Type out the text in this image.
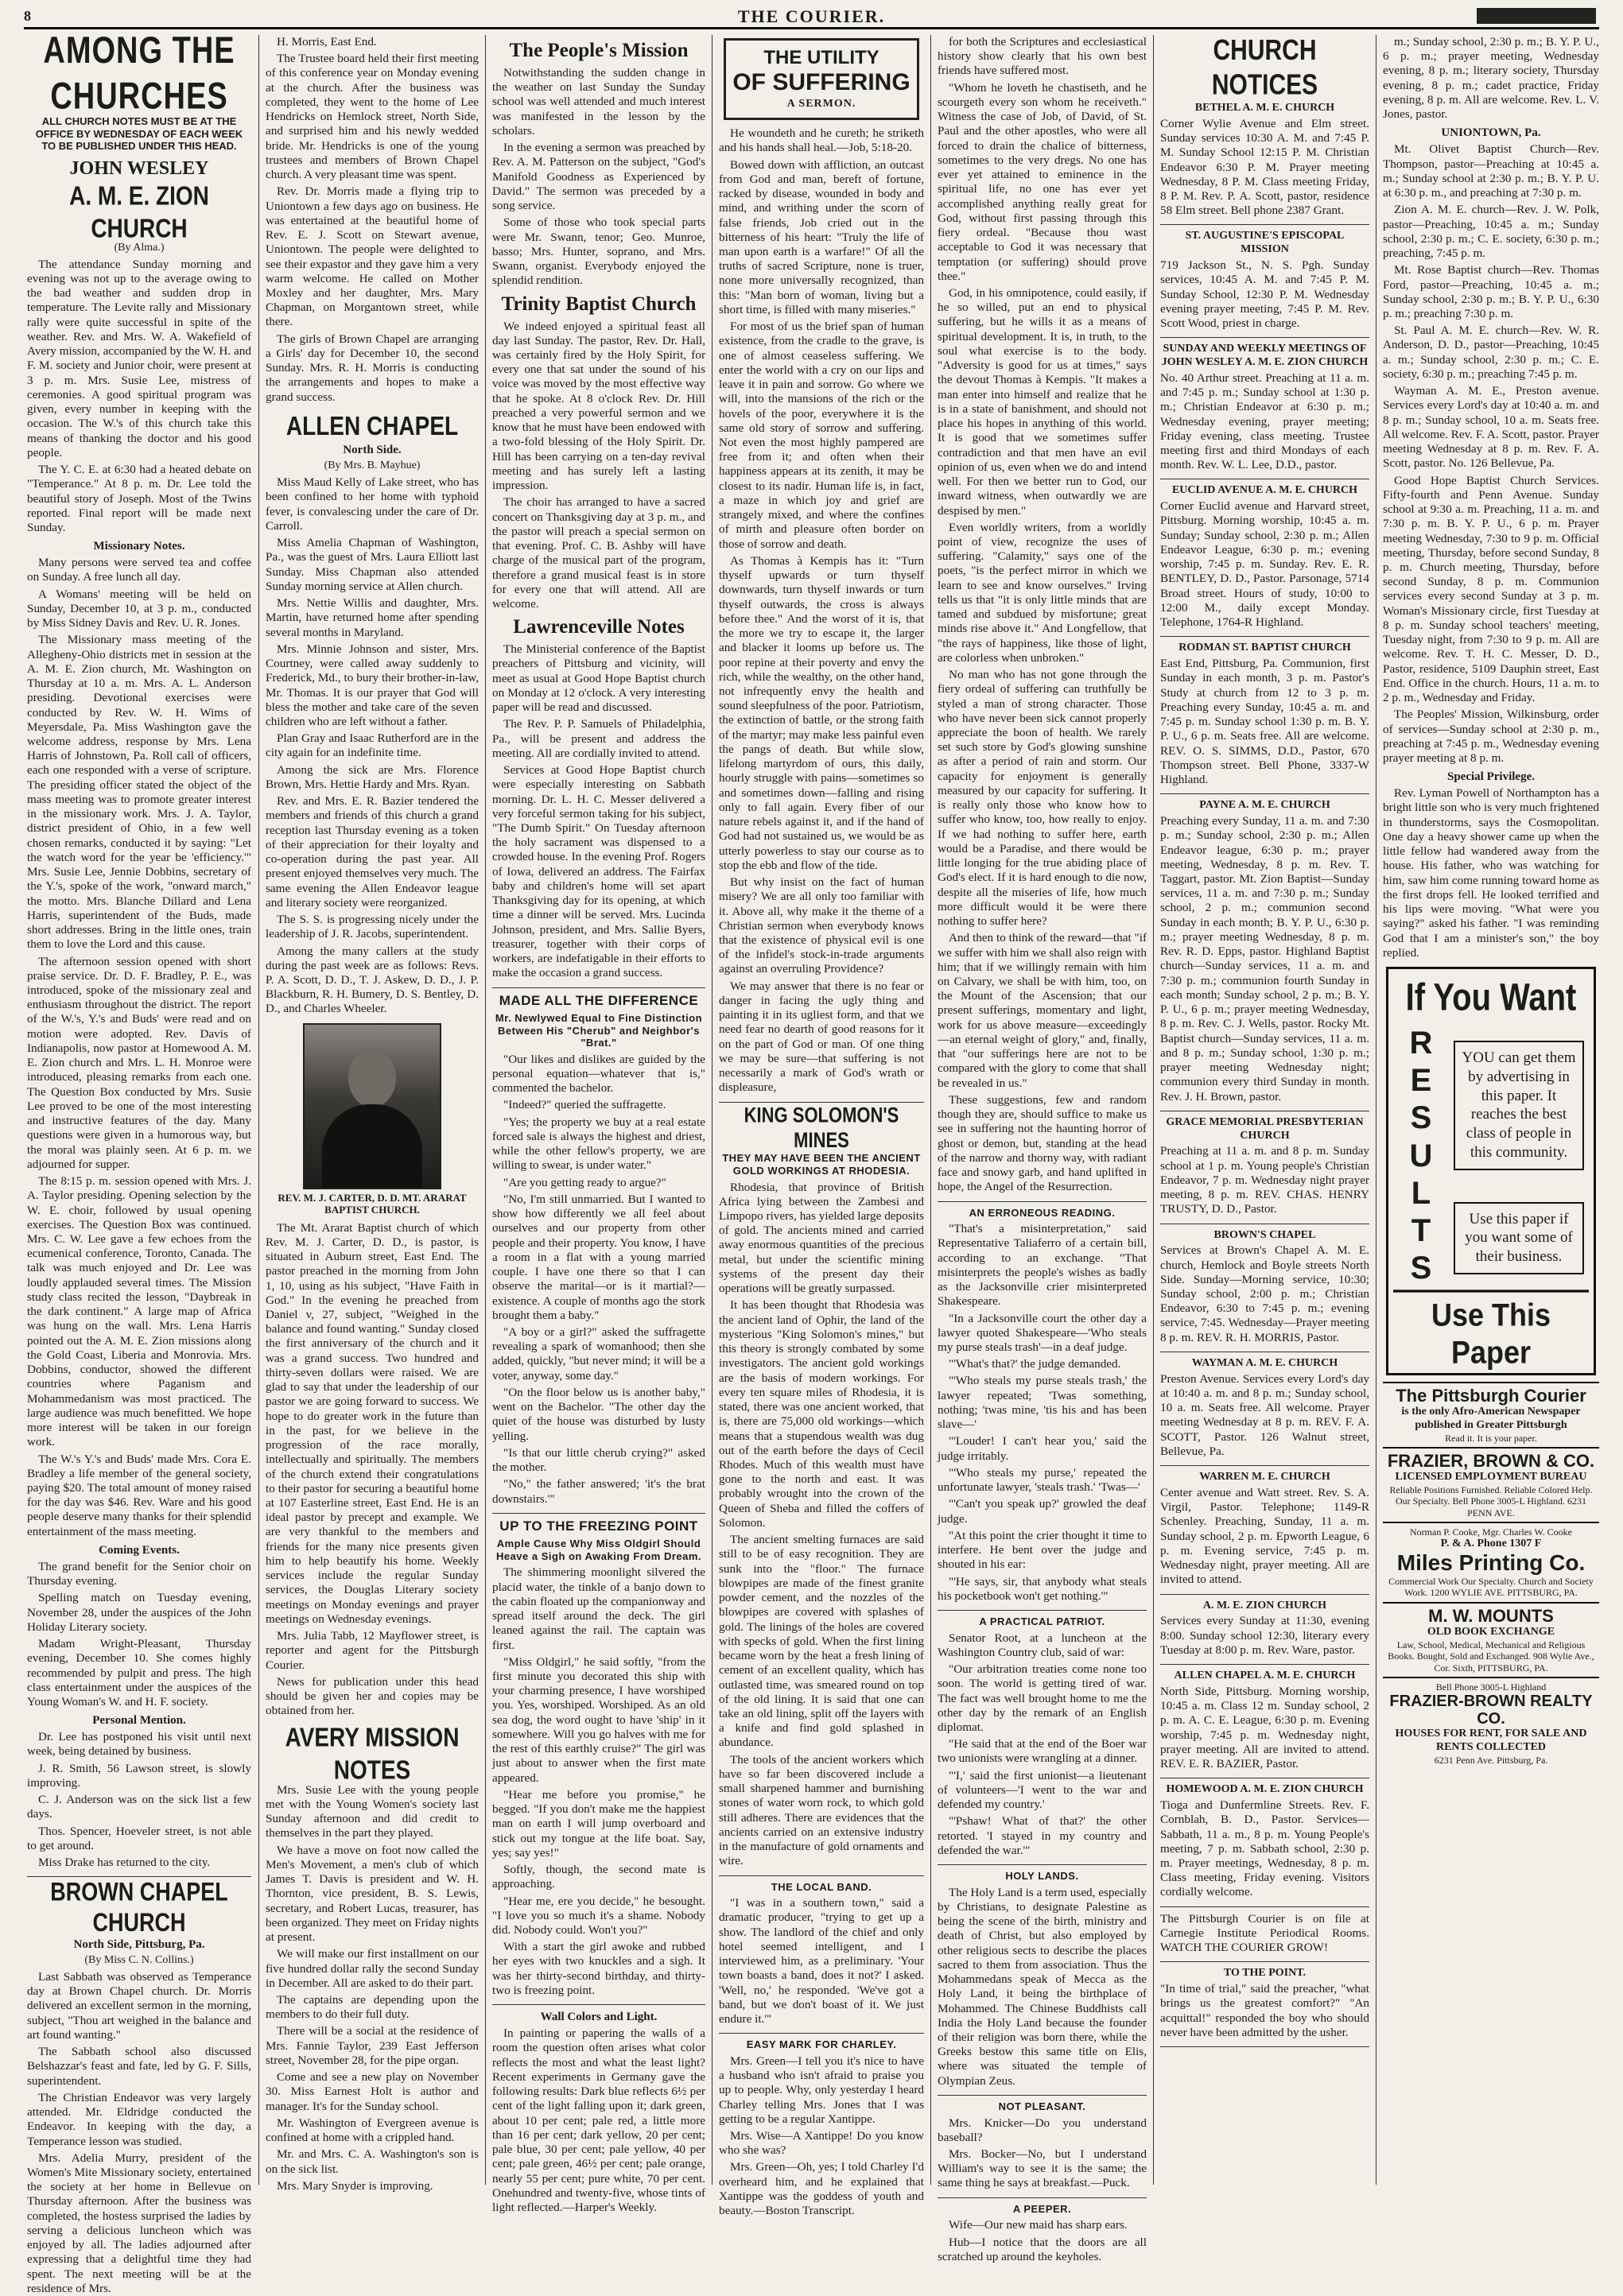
8	THE COURIER.
AMONG THE CHURCHES
ALL CHURCH NOTES MUST BE AT THE OFFICE BY WEDNESDAY OF EACH WEEK TO BE PUBLISHED UNDER THIS HEAD.
JOHN WESLEY
A. M. E. ZION CHURCH
(By Alma.)

The attendance Sunday morning and evening was not up to the average owing to the bad weather and sudden drop in temperature. The Levite rally and Missionary rally were quite successful in spite of the weather. Rev. and Mrs. W. A. Wakefield of Avery mission, accompanied by the W. H. and F. M. society and Junior choir, were present at 3 p. m. Mrs. Susie Lee, mistress of ceremonies. A good spiritual program was given, every number in keeping with the occasion. The W.'s of this church take this means of thanking the doctor and his good people.

The Y. C. E. at 6:30 had a heated debate on "Temperance." At 8 p. m. Dr. Lee told the beautiful story of Joseph. Most of the Twins reported. Final report will be made next Sunday.

Missionary Notes.

Many persons were served tea and coffee on Sunday. A free lunch all day.

A Womans' meeting will be held on Sunday, December 10, at 3 p. m., conducted by Miss Sidney Davis and Rev. U. R. Jones.

The Missionary mass meeting of the Allegheny-Ohio districts met in session at the A. M. E. Zion church, Mt. Washington on Thursday at 10 a. m. Mrs. A. L. Anderson presiding. Devotional exercises were conducted by Rev. W. H. Wims of Meyersdale, Pa. Miss Washington gave the welcome address, response by Mrs. Lena Harris of Johnstown, Pa. Roll call of officers, each one responded with a verse of scripture. The presiding officer stated the object of the mass meeting was to promote greater interest in the missionary work. Mrs. J. A. Taylor, district president of Ohio, in a few well chosen remarks, conducted it by saying: "Let the watch word for the year be 'efficiency.'" Mrs. Susie Lee, Jennie Dobbins, secretary of the Y.'s, spoke of the work, "onward march," the motto. Mrs. Blanche Dillard and Lena Harris, superintendent of the Buds, made short addresses. Bring in the little ones, train them to love the Lord and this cause.

The afternoon session opened with short praise service. Dr. D. F. Bradley, P. E., was introduced, spoke of the missionary zeal and enthusiasm throughout the district. The report of the W.'s, Y.'s and Buds' were read and on motion were adopted. Rev. Davis of Indianapolis, now pastor at Homewood A. M. E. Zion church and Mrs. L. H. Monroe were introduced, pleasing remarks from each one. The Question Box conducted by Mrs. Susie Lee proved to be one of the most interesting and instructive features of the day. Many questions were given in a humorous way, but the moral was plainly seen. At 6 p. m. we adjourned for supper.

The 8:15 p. m. session opened with Mrs. J. A. Taylor presiding. Opening selection by the W. E. choir, followed by usual opening exercises. The Question Box was continued. Mrs. C. W. Lee gave a few echoes from the ecumenical conference, Toronto, Canada. The talk was much enjoyed and Dr. Lee was loudly applauded several times. The Mission study class recited the lesson, "Daybreak in the dark continent." A large map of Africa was hung on the wall. Mrs. Lena Harris pointed out the A. M. E. Zion missions along the Gold Coast, Liberia and Monrovia. Mrs. Dobbins, conductor, showed the different countries where Paganism and Mohammedanism was most practiced. The large audience was much benefitted. We hope more interest will be taken in our foreign work.

The W.'s Y.'s and Buds' made Mrs. Cora E. Bradley a life member of the general society, paying $20. The total amount of money raised for the day was $46. Rev. Ware and his good people deserve many thanks for their splendid entertainment of the mass meeting.

Coming Events.

The grand benefit for the Senior choir on Thursday evening.

Spelling match on Tuesday evening, November 28, under the auspices of the John Holiday Literary society.

Madam Wright-Pleasant, Thursday evening, December 10. She comes highly recommended by pulpit and press. The high class entertainment under the auspices of the Young Woman's W. and H. F. society.

Personal Mention.

Dr. Lee has postponed his visit until next week, being detained by business.

J. R. Smith, 56 Lawson street, is slowly improving.

C. J. Anderson was on the sick list a few days.

Thos. Spencer, Hoeveler street, is not able to get around.

Miss Drake has returned to the city.

BROWN CHAPEL CHURCH
North Side, Pittsburg, Pa.
(By Miss C. N. Collins.)

Last Sabbath was observed as Temperance day at Brown Chapel church. Dr. Morris delivered an excellent sermon in the morning, subject, "Thou art weighed in the balance and art found wanting."

The Sabbath school also discussed Belshazzar's feast and fate, led by G. F. Sills, superintendent.

The Christian Endeavor was very largely attended. Mr. Eldridge conducted the Endeavor. In keeping with the day, a Temperance lesson was studied.

Mrs. Adelia Murry, president of the Women's Mite Missionary society, entertained the society at her home in Bellevue on Thursday afternoon. After the business was completed, the hostess surprised the ladies by serving a delicious luncheon which was enjoyed by all. The ladies adjourned after expressing that a delightful time they had spent. The next meeting will be at the residence of Mrs.

H. Morris, East End.

The Trustee board held their first meeting of this conference year on Monday evening at the church. After the business was completed, they went to the home of Lee Hendricks on Hemlock street, North Side, and surprised him and his newly wedded bride. Mr. Hendricks is one of the young trustees and members of Brown Chapel church. A very pleasant time was spent.

Rev. Dr. Morris made a flying trip to Uniontown a few days ago on business. He was entertained at the beautiful home of Rev. E. J. Scott on Stewart avenue, Uniontown. The people were delighted to see their expastor and they gave him a very warm welcome. He called on Mother Moxley and her daughter, Mrs. Mary Chapman, on Morgantown street, while there.

The girls of Brown Chapel are arranging a Girls' day for December 10, the second Sunday. Mrs. R. H. Morris is conducting the arrangements and hopes to make a grand success.

ALLEN CHAPEL
North Side.
(By Mrs. B. Mayhue)

Miss Maud Kelly of Lake street, who has been confined to her home with typhoid fever, is convalescing under the care of Dr. Carroll.

Miss Amelia Chapman of Washington, Pa., was the guest of Mrs. Laura Elliott last Sunday. Miss Chapman also attended Sunday morning service at Allen church.

Mrs. Nettie Willis and daughter, Mrs. Martin, have returned home after spending several months in Maryland.

Mrs. Minnie Johnson and sister, Mrs. Courtney, were called away suddenly to Frederick, Md., to bury their brother-in-law, Mr. Thomas. It is our prayer that God will bless the mother and take care of the seven children who are left without a father.

Plan Gray and Isaac Rutherford are in the city again for an indefinite time.

Among the sick are Mrs. Florence Brown, Mrs. Hettie Hardy and Mrs. Ryan.

Rev. and Mrs. E. R. Bazier tendered the members and friends of this church a grand reception last Thursday evening as a token of their appreciation for their loyalty and co-operation during the past year. All present enjoyed themselves very much. The same evening the Allen Endeavor league and literary society were reorganized.

The S. S. is progressing nicely under the leadership of J. R. Jacobs, superintendent.

Among the many callers at the study during the past week are as follows: Revs. P. A. Scott, D. D., T. J. Askew, D. D., J. P. Blackburn, R. H. Bumery, D. S. Bentley, D. D., and Charles Wheeler.

REV. M. J. CARTER, D. D. MT. ARARAT BAPTIST CHURCH.

The Mt. Ararat Baptist church of which Rev. M. J. Carter, D. D., is pastor, is situated in Auburn street, East End. The pastor preached in the morning from John 1, 10, using as his subject, "Have Faith in God." In the evening he preached from Daniel v, 27, subject, "Weighed in the balance and found wanting." Sunday closed the first anniversary of the church and it was a grand success. Two hundred and thirty-seven dollars were raised. We are glad to say that under the leadership of our pastor we are going forward to success. We hope to do greater work in the future than in the past, for we believe in the progression of the race morally, intellectually and spiritually. The members of the church extend their congratulations to their pastor for securing a beautiful home at 107 Easterline street, East End. He is an ideal pastor by precept and example. We are very thankful to the members and friends for the many nice presents given him to help beautify his home. Weekly services include the regular Sunday services, the Douglas Literary society meetings on Monday evenings and prayer meetings on Wednesday evenings.

Mrs. Julia Tabb, 12 Mayflower street, is reporter and agent for the Pittsburgh Courier.

News for publication under this head should be given her and copies may be obtained from her.

AVERY MISSION NOTES

Mrs. Susie Lee with the young people met with the Young Women's society last Sunday afternoon and did credit to themselves in the part they played.

We have a move on foot now called the Men's Movement, a men's club of which James T. Davis is president and W. H. Thornton, vice president, B. S. Lewis, secretary, and Robert Lucas, treasurer, has been organized. They meet on Friday nights at present.

We will make our first installment on our five hundred dollar rally the second Sunday in December. All are asked to do their part.

The captains are depending upon the members to do their full duty.

There will be a social at the residence of Mrs. Fannie Taylor, 239 East Jefferson street, November 28, for the pipe organ.

Come and see a new play on November 30. Miss Earnest Holt is author and manager. It's for the Sunday school.

Mr. Washington of Evergreen avenue is confined at home with a crippled hand.

Mr. and Mrs. C. A. Washington's son is on the sick list.

Mrs. Mary Snyder is improving.

The People's Mission

Notwithstanding the sudden change in the weather on last Sunday the Sunday school was well attended and much interest was manifested in the lesson by the scholars.

In the evening a sermon was preached by Rev. A. M. Patterson on the subject, "God's Manifold Goodness as Experienced by David." The sermon was preceded by a song service.

Some of those who took special parts were Mr. Swann, tenor; Geo. Munroe, basso; Mrs. Hunter, soprano, and Mrs. Swann, organist. Everybody enjoyed the splendid rendition.

Trinity Baptist Church

We indeed enjoyed a spiritual feast all day last Sunday. The pastor, Rev. Dr. Hall, was certainly fired by the Holy Spirit, for every one that sat under the sound of his voice was moved by the most effective way that he spoke. At 8 o'clock Rev. Dr. Hill preached a very powerful sermon and we know that he must have been endowed with a two-fold blessing of the Holy Spirit. Dr. Hill has been carrying on a ten-day revival meeting and has surely left a lasting impression.

The choir has arranged to have a sacred concert on Thanksgiving day at 3 p. m., and the pastor will preach a special sermon on that evening. Prof. C. B. Ashby will have charge of the musical part of the program, therefore a grand musical feast is in store for every one that will attend. All are welcome.

Lawrenceville Notes

The Ministerial conference of the Baptist preachers of Pittsburg and vicinity, will meet as usual at Good Hope Baptist church on Monday at 12 o'clock. A very interesting paper will be read and discussed.

The Rev. P. P. Samuels of Philadelphia, Pa., will be present and address the meeting. All are cordially invited to attend.

Services at Good Hope Baptist church were especially interesting on Sabbath morning. Dr. L. H. C. Messer delivered a very forceful sermon taking for his subject, "The Dumb Spirit." On Tuesday afternoon the holy sacrament was dispensed to a crowded house. In the evening Prof. Rogers of Iowa, delivered an address. The Fairfax baby and children's home will set apart Thanksgiving day for its opening, at which time a dinner will be served. Mrs. Lucinda Johnson, president, and Mrs. Sallie Byers, treasurer, together with their corps of workers, are indefatigable in their efforts to make the occasion a grand success.

MADE ALL THE DIFFERENCE
Mr. Newlywed Equal to Fine Distinction Between His "Cherub" and Neighbor's "Brat."

"Our likes and dislikes are guided by the personal equation—whatever that is," commented the bachelor.

"Indeed?" queried the suffragette.

"Yes; the property we buy at a real estate forced sale is always the highest and driest, while the other fellow's property, we are willing to swear, is under water."

"Are you getting ready to argue?"

"No, I'm still unmarried. But I wanted to show how differently we all feel about ourselves and our property from other people and their property. You know, I have a room in a flat with a young married couple. I have one there so that I can observe the marital—or is it martial?—existence. A couple of months ago the stork brought them a baby."

"A boy or a girl?" asked the suffragette revealing a spark of womanhood; then she added, quickly, "but never mind; it will be a voter, anyway, some day."

"On the floor below us is another baby," went on the Bachelor. "The other day the quiet of the house was disturbed by lusty yelling.

"Is that our little cherub crying?" asked the mother.

"No," the father answered; 'it's the brat downstairs.'"

UP TO THE FREEZING POINT
Ample Cause Why Miss Oldgirl Should Heave a Sigh on Awaking From Dream.

The shimmering moonlight silvered the placid water, the tinkle of a banjo down to the cabin floated up the companionway and spread itself around the deck. The girl leaned against the rail. The captain was first.

"Miss Oldgirl," he said softly, "from the first minute you decorated this ship with your charming presence, I have worshiped you. Yes, worshiped. Worshiped. As an old sea dog, the word ought to have 'ship' in it somewhere. Will you go halves with me for the rest of this earthly cruise?" The girl was just about to answer when the first mate appeared.

"Hear me before you promise," he begged. "If you don't make me the happiest man on earth I will jump overboard and stick out my tongue at the life boat. Say, yes; say yes!"

Softly, though, the second mate is approaching.

"Hear me, ere you decide," he besought. "I love you so much it's a shame. Nobody did. Nobody could. Won't you?"

With a start the girl awoke and rubbed her eyes with two knuckles and a sigh. It was her thirty-second birthday, and thirty-two is freezing point.

Wall Colors and Light.

In painting or papering the walls of a room the question often arises what color reflects the most and what the least light? Recent experiments in Germany gave the following results: Dark blue reflects 6½ per cent of the light falling upon it; dark green, about 10 per cent; pale red, a little more than 16 per cent; dark yellow, 20 per cent; pale blue, 30 per cent; pale yellow, 40 per cent; pale green, 46½ per cent; pale orange, nearly 55 per cent; pure white, 70 per cent. Onehundred and twenty-five, whose tints of light reflected.—Harper's Weekly.

THE UTILITY
OF SUFFERING
A SERMON.

He woundeth and he cureth; he striketh and his hands shall heal.—Job, 5:18-20.

Bowed down with affliction, an outcast from God and man, bereft of fortune, racked by disease, wounded in body and mind, and writhing under the scorn of false friends, Job cried out in the bitterness of his heart: "Truly the life of man upon earth is a warfare!" Of all the truths of sacred Scripture, none is truer, none more universally recognized, than this: "Man born of woman, living but a short time, is filled with many miseries."

For most of us the brief span of human existence, from the cradle to the grave, is one of almost ceaseless suffering. We enter the world with a cry on our lips and leave it in pain and sorrow. Go where we will, into the mansions of the rich or the hovels of the poor, everywhere it is the same old story of sorrow and suffering. Not even the most highly pampered are free from it; and often when their happiness appears at its zenith, it may be closest to its nadir. Human life is, in fact, a maze in which joy and grief are strangely mixed, and where the confines of mirth and pleasure often border on those of sorrow and death.

As Thomas à Kempis has it: "Turn thyself upwards or turn thyself downwards, turn thyself inwards or turn thyself outwards, the cross is always before thee." And the worst of it is, that the more we try to escape it, the larger and blacker it looms up before us. The poor repine at their poverty and envy the rich, while the wealthy, on the other hand, not infrequently envy the health and sound sleepfulness of the poor. Patriotism, the extinction of battle, or the strong faith of the martyr; may make less painful even the pangs of death. But while slow, lifelong martyrdom of ours, this daily, hourly struggle with pains—sometimes so and sometimes down—falling and rising only to fall again. Every fiber of our nature rebels against it, and if the hand of God had not sustained us, we would be as utterly powerless to stay our course as to stop the ebb and flow of the tide.

But why insist on the fact of human misery? We are all only too familiar with it. Above all, why make it the theme of a Christian sermon when everybody knows that the existence of physical evil is one of the infidel's stock-in-trade arguments against an overruling Providence?

We may answer that there is no fear or danger in facing the ugly thing and painting it in its ugliest form, and that we need fear no dearth of good reasons for it on the part of God or man. Of one thing we may be sure—that suffering is not necessarily a mark of God's wrath or displeasure,

KING SOLOMON'S MINES
THEY MAY HAVE BEEN THE ANCIENT GOLD WORKINGS AT RHODESIA.

Rhodesia, that province of British Africa lying between the Zambesi and Limpopo rivers, has yielded large deposits of gold. The ancients mined and carried away enormous quantities of the precious metal, but under the scientific mining systems of the present day their operations will be greatly surpassed.

It has been thought that Rhodesia was the ancient land of Ophir, the land of the mysterious "King Solomon's mines," but this theory is strongly combated by some investigators. The ancient gold workings are the basis of modern workings. For every ten square miles of Rhodesia, it is stated, there was one ancient worked, that is, there are 75,000 old workings—which means that a stupendous wealth was dug out of the earth before the days of Cecil Rhodes. Much of this wealth must have gone to the north and east. It was probably wrought into the crown of the Queen of Sheba and filled the coffers of Solomon.

The ancient smelting furnaces are said still to be of easy recognition. They are sunk into the "floor." The furnace blowpipes are made of the finest granite powder cement, and the nozzles of the blowpipes are covered with splashes of gold. The linings of the holes are covered with specks of gold. When the first lining became worn by the heat a fresh lining of cement of an excellent quality, which has outlasted time, was smeared round on top of the old lining. It is said that one can take an old lining, split off the layers with a knife and find gold splashed in abundance.

The tools of the ancient workers which have so far been discovered include a small sharpened hammer and burnishing stones of water worn rock, to which gold still adheres. There are evidences that the ancients carried on an extensive industry in the manufacture of gold ornaments and wire.

THE LOCAL BAND.

"I was in a southern town," said a dramatic producer, "trying to get up a show. The landlord of the chief and only hotel seemed intelligent, and I interviewed him, as a preliminary. 'Your town boasts a band, does it not?' I asked. 'Well, no,' he responded. 'We've got a band, but we don't boast of it. We just endure it.'"

EASY MARK FOR CHARLEY.

Mrs. Green—I tell you it's nice to have a husband who isn't afraid to praise you up to people. Why, only yesterday I heard Charley telling Mrs. Jones that I was getting to be a regular Xantippe.

Mrs. Wise—A Xantippe! Do you know who she was?

Mrs. Green—Oh, yes; I told Charley I'd overheard him, and he explained that Xantippe was the goddess of youth and beauty.—Boston Transcript.

for both the Scriptures and ecclesiastical history show clearly that his own best friends have suffered most.

"Whom he loveth he chastiseth, and he scourgeth every son whom he receiveth." Witness the case of Job, of David, of St. Paul and the other apostles, who were all forced to drain the chalice of bitterness, sometimes to the very dregs. No one has ever yet attained to eminence in the spiritual life, no one has ever yet accomplished anything really great for God, without first passing through this fiery ordeal. "Because thou wast acceptable to God it was necessary that temptation (or suffering) should prove thee."

God, in his omnipotence, could easily, if he so willed, put an end to physical suffering, but he wills it as a means of spiritual development. It is, in truth, to the soul what exercise is to the body. "Adversity is good for us at times," says the devout Thomas à Kempis. "It makes a man enter into himself and realize that he is in a state of banishment, and should not place his hopes in anything of this world. It is good that we sometimes suffer contradiction and that men have an evil opinion of us, even when we do and intend well. For then we better run to God, our inward witness, when outwardly we are despised by men."

Even worldly writers, from a worldly point of view, recognize the uses of suffering. "Calamity," says one of the poets, "is the perfect mirror in which we learn to see and know ourselves." Irving tells us that "it is only little minds that are tamed and subdued by misfortune; great minds rise above it." And Longfellow, that "the rays of happiness, like those of light, are colorless when unbroken."

No man who has not gone through the fiery ordeal of suffering can truthfully be styled a man of strong character. Those who have never been sick cannot properly appreciate the boon of health. We rarely set such store by God's glowing sunshine as after a period of rain and storm. Our capacity for enjoyment is generally measured by our capacity for suffering. It is really only those who know how to suffer who know, too, how really to enjoy. If we had nothing to suffer here, earth would be a Paradise, and there would be little longing for the true abiding place of God's elect. If it is hard enough to die now, despite all the miseries of life, how much more difficult would it be were there nothing to suffer here?

And then to think of the reward—that "if we suffer with him we shall also reign with him; that if we willingly remain with him on Calvary, we shall be with him, too, on the Mount of the Ascension; that our present sufferings, momentary and light, work for us above measure—exceedingly—an eternal weight of glory," and, finally, that "our sufferings here are not to be compared with the glory to come that shall be revealed in us."

These suggestions, few and random though they are, should suffice to make us see in suffering not the haunting horror of ghost or demon, but, standing at the head of the narrow and thorny way, with radiant face and snowy garb, and hand uplifted in hope, the Angel of the Resurrection.

AN ERRONEOUS READING.

"That's a misinterpretation," said Representative Taliaferro of a certain bill, according to an exchange. "That misinterprets the people's wishes as badly as the Jacksonville crier misinterpreted Shakespeare.

"In a Jacksonville court the other day a lawyer quoted Shakespeare—'Who steals my purse steals trash'—in a deaf judge.

"'What's that?' the judge demanded.

"'Who steals my purse steals trash,' the lawyer repeated; 'Twas something, nothing; 'twas mine, 'tis his and has been slave—'

"'Louder! I can't hear you,' said the judge irritably.

"'Who steals my purse,' repeated the unfortunate lawyer, 'steals trash.' 'Twas—'

"'Can't you speak up?' growled the deaf judge.

"At this point the crier thought it time to interfere. He bent over the judge and shouted in his ear:

"'He says, sir, that anybody what steals his pocketbook won't get nothing.'"

A PRACTICAL PATRIOT.

Senator Root, at a luncheon at the Washington Country club, said of war:

"Our arbitration treaties come none too soon. The world is getting tired of war. The fact was well brought home to me the other day by the remark of an English diplomat.

"He said that at the end of the Boer war two unionists were wrangling at a dinner.

"'I,' said the first unionist—a lieutenant of volunteers—'I went to the war and defended my country.'

"'Pshaw! What of that?' the other retorted. 'I stayed in my country and defended the war.'"

HOLY LANDS.

The Holy Land is a term used, especially by Christians, to designate Palestine as being the scene of the birth, ministry and death of Christ, but also employed by other religious sects to describe the places sacred to them from association. Thus the Mohammedans speak of Mecca as the Holy Land, it being the birthplace of Mohammed. The Chinese Buddhists call India the Holy Land because the founder of their religion was born there, while the Greeks bestow this same title on Elis, where was situated the temple of Olympian Zeus.

NOT PLEASANT.

Mrs. Knicker—Do you understand baseball?

Mrs. Bocker—No, but I understand William's way to see it is the same; the same thing he says at breakfast.—Puck.

A PEEPER.

Wife—Our new maid has sharp ears.

Hub—I notice that the doors are all scratched up around the keyholes.

CHURCH NOTICES
BETHEL A. M. E. CHURCH

Corner Wylie Avenue and Elm street. Sunday services 10:30 A. M. and 7:45 P. M. Sunday School 12:15 P. M. Christian Endeavor 6:30 P. M. Prayer meeting Wednesday, 8 P. M. Class meeting Friday, 8 P. M. Rev. P. A. Scott, pastor, residence 58 Elm street. Bell phone 2387 Grant.

ST. AUGUSTINE'S EPISCOPAL MISSION

719 Jackson St., N. S. Pgh. Sunday services, 10:45 A. M. and 7:45 P. M. Sunday School, 12:30 P. M. Wednesday evening prayer meeting, 7:45 P. M. Rev. Scott Wood, priest in charge.

SUNDAY AND WEEKLY MEETINGS OF JOHN WESLEY A. M. E. ZION CHURCH

No. 40 Arthur street. Preaching at 11 a. m. and 7:45 p. m.; Sunday school at 1:30 p. m.; Christian Endeavor at 6:30 p. m.; Wednesday evening, prayer meeting; Friday evening, class meeting. Trustee meeting first and third Mondays of each month. Rev. W. L. Lee, D.D., pastor.

EUCLID AVENUE A. M. E. CHURCH

Corner Euclid avenue and Harvard street, Pittsburg. Morning worship, 10:45 a. m. Sunday; Sunday school, 2:30 p. m.; Allen Endeavor League, 6:30 p. m.; evening worship, 7:45 p. m. Sunday. Rev. E. R. BENTLEY, D. D., Pastor. Parsonage, 5714 Broad street. Hours of study, 10:00 to 12:00 M., daily except Monday. Telephone, 1764-R Highland.

RODMAN ST. BAPTIST CHURCH

East End, Pittsburg, Pa. Communion, first Sunday in each month, 3 p. m. Pastor's Study at church from 12 to 3 p. m. Preaching every Sunday, 10:45 a. m. and 7:45 p. m. Sunday school 1:30 p. m. B. Y. P. U., 6 p. m. Seats free. All are welcome. REV. O. S. SIMMS, D.D., Pastor, 670 Thompson street. Bell Phone, 3337-W Highland.

PAYNE A. M. E. CHURCH

Preaching every Sunday, 11 a. m. and 7:30 p. m.; Sunday school, 2:30 p. m.; Allen Endeavor league, 6:30 p. m.; prayer meeting, Wednesday, 8 p. m. Rev. T. Taggart, pastor. Mt. Zion Baptist—Sunday services, 11 a. m. and 7:30 p. m.; Sunday school, 2 p. m.; communion second Sunday in each month; B. Y. P. U., 6:30 p. m.; prayer meeting Wednesday, 8 p. m. Rev. R. D. Epps, pastor. Highland Baptist church—Sunday services, 11 a. m. and 7:30 p. m.; communion fourth Sunday in each month; Sunday school, 2 p. m.; B. Y. P. U., 6 p. m.; prayer meeting Wednesday, 8 p. m. Rev. C. J. Wells, pastor. Rocky Mt. Baptist church—Sunday services, 11 a. m. and 8 p. m.; Sunday school, 1:30 p. m.; prayer meeting Wednesday night; communion every third Sunday in month. Rev. J. H. Brown, pastor.

GRACE MEMORIAL PRESBYTERIAN CHURCH

Preaching at 11 a. m. and 8 p. m. Sunday school at 1 p. m. Young people's Christian Endeavor, 7 p. m. Wednesday night prayer meeting, 8 p. m. REV. CHAS. HENRY TRUSTY, D. D., Pastor.

BROWN'S CHAPEL

Services at Brown's Chapel A. M. E. church, Hemlock and Boyle streets North Side. Sunday—Morning service, 10:30; Sunday school, 2:00 p. m.; Christian Endeavor, 6:30 to 7:45 p. m.; evening service, 7:45. Wednesday—Prayer meeting 8 p. m. REV. R. H. MORRIS, Pastor.

WAYMAN A. M. E. CHURCH

Preston Avenue. Services every Lord's day at 10:40 a. m. and 8 p. m.; Sunday school, 10 a. m. Seats free. All welcome. Prayer meeting Wednesday at 8 p. m. REV. F. A. SCOTT, Pastor. 126 Walnut street, Bellevue, Pa.

WARREN M. E. CHURCH

Center avenue and Watt street. Rev. S. A. Virgil, Pastor. Telephone; 1149-R Schenley. Preaching, Sunday, 11 a. m. Sunday school, 2 p. m. Epworth League, 6 p. m. Evening service, 7:45 p. m. Wednesday night, prayer meeting. All are invited to attend.

A. M. E. ZION CHURCH

Services every Sunday at 11:30, evening 8:00. Sunday school 12:30, literary every Tuesday at 8:00 p. m. Rev. Ware, pastor.

ALLEN CHAPEL A. M. E. CHURCH

North Side, Pittsburg. Morning worship, 10:45 a. m. Class 12 m. Sunday school, 2 p. m. A. C. E. League, 6:30 p. m. Evening worship, 7:45 p. m. Wednesday night, prayer meeting. All are invited to attend. REV. E. R. BAZIER, Pastor.

HOMEWOOD A. M. E. ZION CHURCH

Tioga and Dunfermline Streets. Rev. F. Cornblah, B. D., Pastor. Services—Sabbath, 11 a. m., 8 p. m. Young People's meeting, 7 p. m. Sabbath school, 2:30 p. m. Prayer meetings, Wednesday, 8 p. m. Class meeting, Friday evening. Visitors cordially welcome.

The Pittsburgh Courier is on file at Carnegie Institute Periodical Rooms. WATCH THE COURIER GROW!

TO THE POINT.

"In time of trial," said the preacher, "what brings us the greatest comfort?" "An acquittal!" responded the boy who should never have been admitted by the usher.

m.; Sunday school, 2:30 p. m.; B. Y. P. U., 6 p. m.; prayer meeting, Wednesday evening, 8 p. m.; literary society, Thursday evening, 8 p. m.; cadet practice, Friday evening, 8 p. m. All are welcome. Rev. L. V. Jones, pastor.

UNIONTOWN, Pa.

Mt. Olivet Baptist Church—Rev. Thompson, pastor—Preaching at 10:45 a. m.; Sunday school at 2:30 p. m.; B. Y. P. U. at 6:30 p. m., and preaching at 7:30 p. m.

Zion A. M. E. church—Rev. J. W. Polk, pastor—Preaching, 10:45 a. m.; Sunday school, 2:30 p. m.; C. E. society, 6:30 p. m.; preaching, 7:45 p. m.

Mt. Rose Baptist church—Rev. Thomas Ford, pastor—Preaching, 10:45 a. m.; Sunday school, 2:30 p. m.; B. Y. P. U., 6:30 p. m.; preaching 7:30 p. m.

St. Paul A. M. E. church—Rev. W. R. Anderson, D. D., pastor—Preaching, 10:45 a. m.; Sunday school, 2:30 p. m.; C. E. society, 6:30 p. m.; preaching 7:45 p. m.

Wayman A. M. E., Preston avenue. Services every Lord's day at 10:40 a. m. and 8 p. m.; Sunday school, 10 a. m. Seats free. All welcome. Rev. F. A. Scott, pastor. Prayer meeting Wednesday at 8 p. m. Rev. F. A. Scott, pastor. No. 126 Bellevue, Pa.

Good Hope Baptist Church Services. Fifty-fourth and Penn Avenue. Sunday school at 9:30 a. m. Preaching, 11 a. m. and 7:30 p. m. B. Y. P. U., 6 p. m. Prayer meeting Wednesday, 7:30 to 9 p. m. Official meeting, Thursday, before second Sunday, 8 p. m. Church meeting, Thursday, before second Sunday, 8 p. m. Communion services every second Sunday at 3 p. m. Woman's Missionary circle, first Tuesday at 8 p. m. Sunday school teachers' meeting, Tuesday night, from 7:30 to 9 p. m. All are welcome. Rev. T. H. C. Messer, D. D., Pastor, residence, 5109 Dauphin street, East End. Office in the church. Hours, 11 a. m. to 2 p. m., Wednesday and Friday.

The Peoples' Mission, Wilkinsburg, order of services—Sunday school at 2:30 p. m., preaching at 7:45 p. m., Wednesday evening prayer meeting at 8 p. m.

Special Privilege.

Rev. Lyman Powell of Northampton has a bright little son who is very much frightened in thunderstorms, says the Cosmopolitan. One day a heavy shower came up when the little fellow had wandered away from the house. His father, who was watching for him, saw him come running toward home as the first drops fell. He looked terrified and his lips were moving. "What were you saying?" asked his father. "I was reminding God that I am a minister's son," the boy replied.

If You Want
R
E
S
U
L
T
S
YOU can get them by advertising in this paper. It reaches the best class of people in this community.
Use this paper if you want some of their business.
Use This Paper
The Pittsburgh Courier
is the only Afro-American Newspaper published in Greater Pittsburgh
Read it. It is your paper.
FRAZIER, BROWN & CO.
LICENSED EMPLOYMENT BUREAU
Reliable Positions Furnished. Reliable Colored Help. Our Specialty. Bell Phone 3005-L Highland. 6231 PENN AVE.
Norman P. Cooke, Mgr. Charles W. Cooke
P. & A. Phone 1307 F
Miles Printing Co.
Commercial Work Our Specialty. Church and Society Work. 1200 WYLIE AVE. PITTSBURG, PA.
M. W. MOUNTS
OLD BOOK EXCHANGE
Law, School, Medical, Mechanical and Religious Books. Bought, Sold and Exchanged. 908 Wylie Ave., Cor. Sixth, PITTSBURG, PA.
Bell Phone 3005-L Highland
FRAZIER-BROWN REALTY CO.
HOUSES FOR RENT, FOR SALE AND RENTS COLLECTED
6231 Penn Ave. Pittsburg, Pa.
